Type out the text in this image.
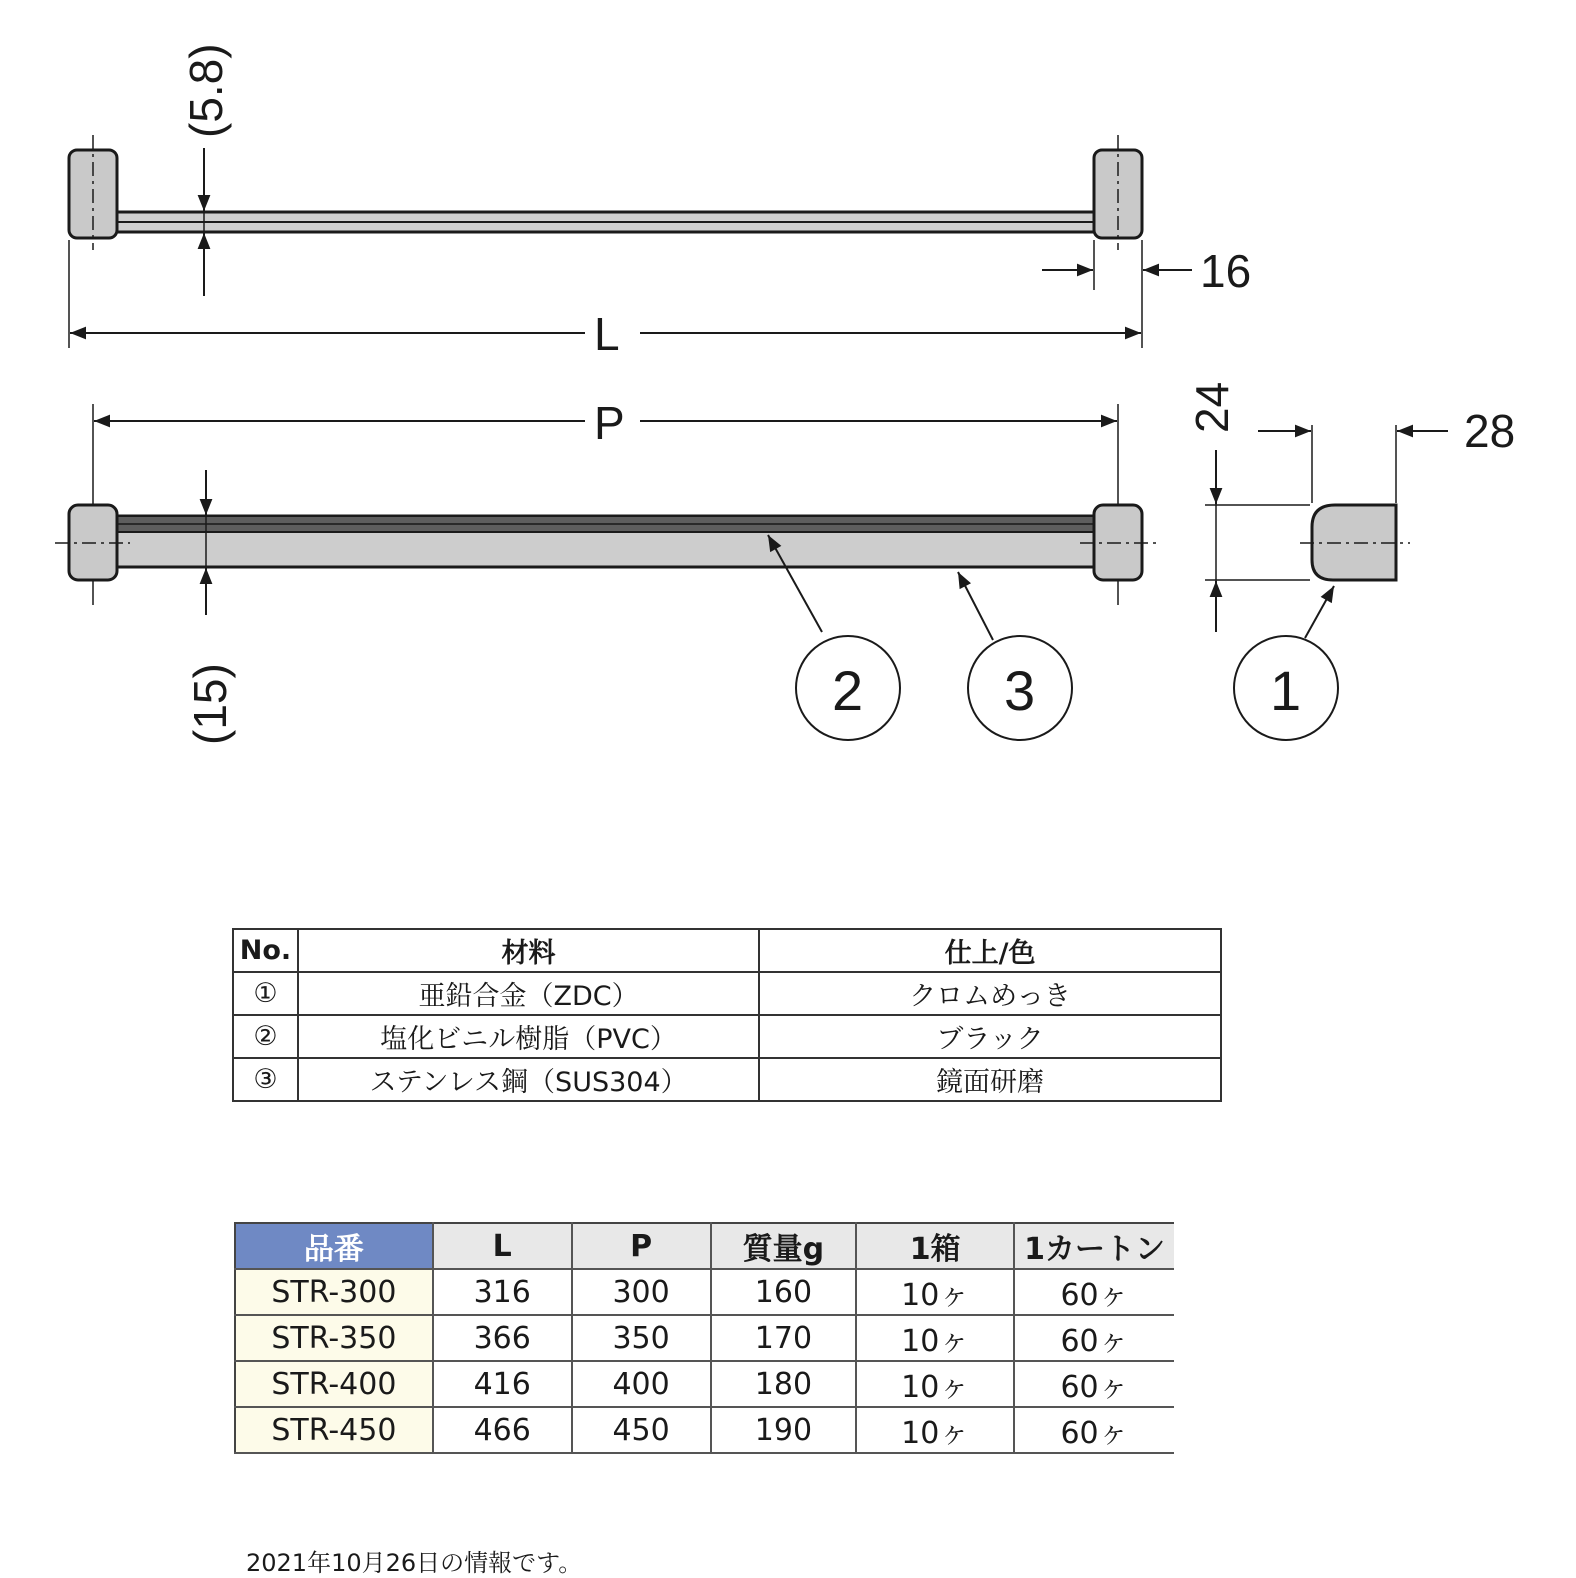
(5.8)
16
L
P
(15)	2	3
24	28
1
No.	材料	仕上/色
①	亜鉛合金（ZDC）	クロムめっき
②	塩化ビニル樹脂（PVC）	ブラック
③	ステンレス鋼（SUS304）	鏡面研磨
品番	L	P	質量g	1箱	1カートン
STR-300	316	300	160	10ヶ	60ヶ
STR-350	366	350	170	10ヶ	60ヶ
STR-400	416	400	180	10ヶ	60ヶ
STR-450	466	450	190	10ヶ	60ヶ
2021年10月26日の情報です。
